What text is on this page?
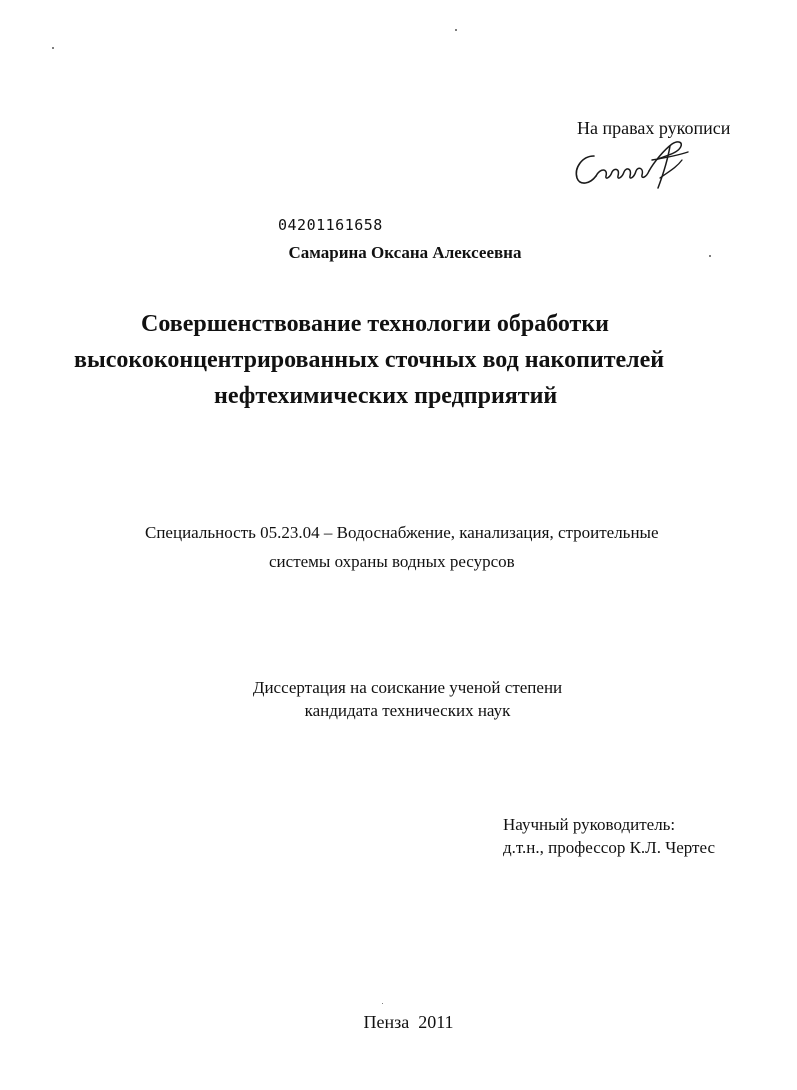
На правах рукописи
04201161658
Самарина Оксана Алексеевна
Совершенствование технологии обработки
высококонцентрированных сточных вод накопителей
нефтехимических предприятий
Специальность 05.23.04 – Водоснабжение, канализация, строительные
системы охраны водных ресурсов
Диссертация на соискание ученой степени
кандидата технических наук
Научный руководитель:
д.т.н., профессор К.Л. Чертес
Пенза  2011
